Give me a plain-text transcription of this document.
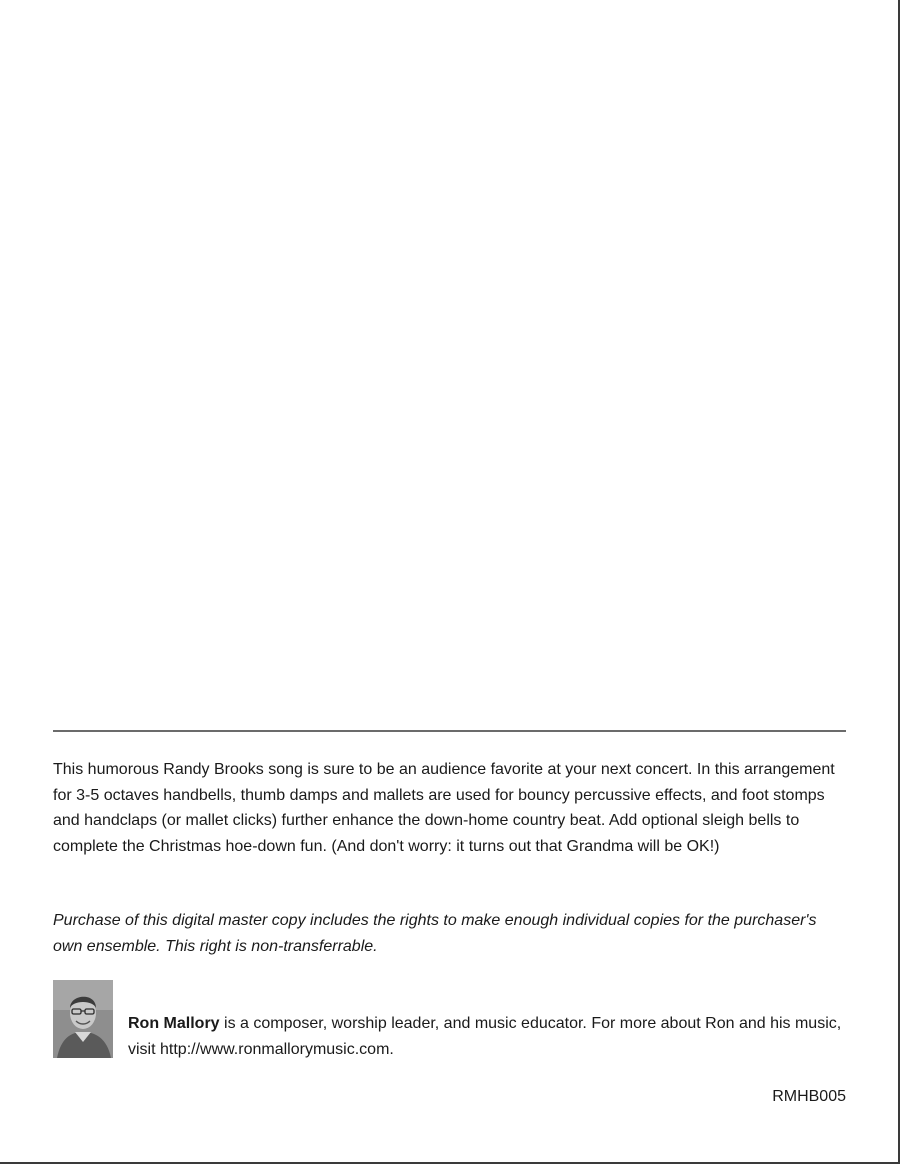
This humorous Randy Brooks song is sure to be an audience favorite at your next concert. In this arrangement for 3-5 octaves handbells, thumb damps and mallets are used for bouncy percussive effects, and foot stomps and handclaps (or mallet clicks) further enhance the down-home country beat. Add optional sleigh bells to complete the Christmas hoe-down fun. (And don't worry: it turns out that Grandma will be OK!)

Purchase of this digital master copy includes the rights to make enough individual copies for the purchaser's own ensemble. This right is non-transferrable.

Ron Mallory is a composer, worship leader, and music educator. For more about Ron and his music, visit http://www.ronmallorymusic.com.

RMHB005
